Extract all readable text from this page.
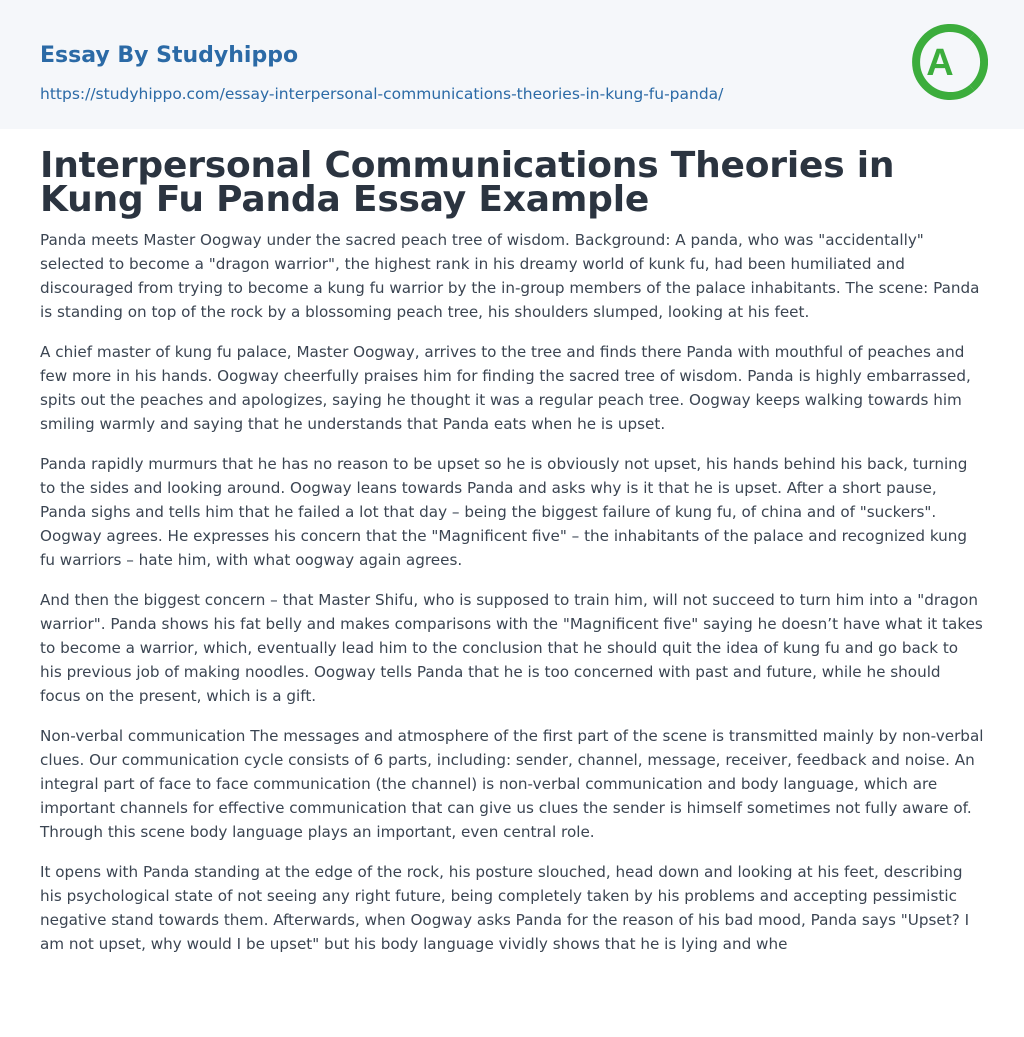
Essay By Studyhippo
https://studyhippo.com/essay-interpersonal-communications-theories-in-kung-fu-panda/
A
Interpersonal Communications Theories in Kung Fu Panda Essay Example

Panda meets Master Oogway under the sacred peach tree of wisdom. Background: A panda, who was "accidentally" selected to become a "dragon warrior", the highest rank in his dreamy world of kunk fu, had been humiliated and discouraged from trying to become a kung fu warrior by the in-group members of the palace inhabitants. The scene: Panda is standing on top of the rock by a blossoming peach tree, his shoulders slumped, looking at his feet.

A chief master of kung fu palace, Master Oogway, arrives to the tree and finds there Panda with mouthful of peaches and few more in his hands. Oogway cheerfully praises him for finding the sacred tree of wisdom. Panda is highly embarrassed, spits out the peaches and apologizes, saying he thought it was a regular peach tree. Oogway keeps walking towards him smiling warmly and saying that he understands that Panda eats when he is upset.

Panda rapidly murmurs that he has no reason to be upset so he is obviously not upset, his hands behind his back, turning to the sides and looking around. Oogway leans towards Panda and asks why is it that he is upset. After a short pause, Panda sighs and tells him that he failed a lot that day – being the biggest failure of kung fu, of china and of "suckers". Oogway agrees. He expresses his concern that the "Magnificent five" – the inhabitants of the palace and recognized kung fu warriors – hate him, with what oogway again agrees.

And then the biggest concern – that Master Shifu, who is supposed to train him, will not succeed to turn him into a "dragon warrior". Panda shows his fat belly and makes comparisons with the "Magnificent five" saying he doesn’t have what it takes to become a warrior, which, eventually lead him to the conclusion that he should quit the idea of kung fu and go back to his previous job of making noodles. Oogway tells Panda that he is too concerned with past and future, while he should focus on the present, which is a gift.

Non-verbal communication The messages and atmosphere of the first part of the scene is transmitted mainly by non-verbal clues. Our communication cycle consists of 6 parts, including: sender, channel, message, receiver, feedback and noise. An integral part of face to face communication (the channel) is non-verbal communication and body language, which are important channels for effective communication that can give us clues the sender is himself sometimes not fully aware of. Through this scene body language plays an important, even central role.

It opens with Panda standing at the edge of the rock, his posture slouched, head down and looking at his feet, describing his psychological state of not seeing any right future, being completely taken by his problems and accepting pessimistic negative stand towards them. Afterwards, when Oogway asks Panda for the reason of his bad mood, Panda says "Upset? I am not upset, why would I be upset" but his body language vividly shows that he is lying and whe
